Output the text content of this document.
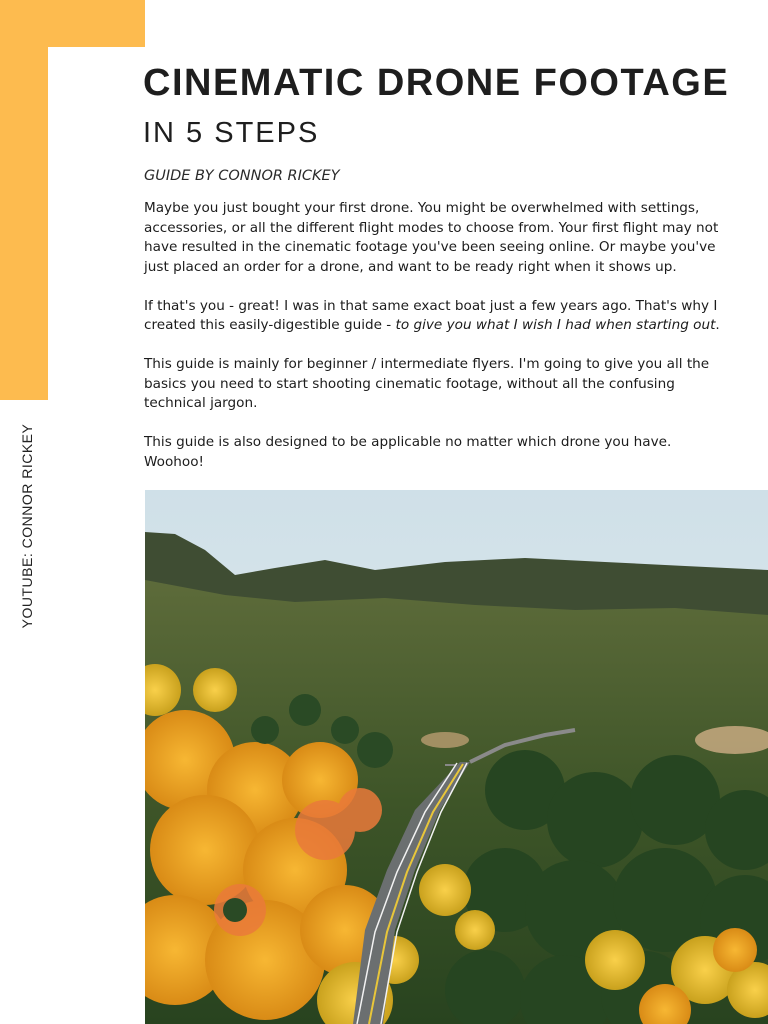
YOUTUBE: CONNOR RICKEY
CINEMATIC DRONE FOOTAGE
IN 5 STEPS
GUIDE BY CONNOR RICKEY

Maybe you just bought your first drone. You might be overwhelmed with settings, accessories, or all the different flight modes to choose from. Your first flight may not have resulted in the cinematic footage you've been seeing online. Or maybe you've just placed an order for a drone, and want to be ready right when it shows up.

If that's you - great! I was in that same exact boat just a few years ago. That's why I created this easily-digestible guide - to give you what I wish I had when starting out.

This guide is mainly for beginner / intermediate flyers. I'm going to give you all the basics you need to start shooting cinematic footage, without all the confusing technical jargon.

This guide is also designed to be applicable no matter which drone you have. Woohoo!
